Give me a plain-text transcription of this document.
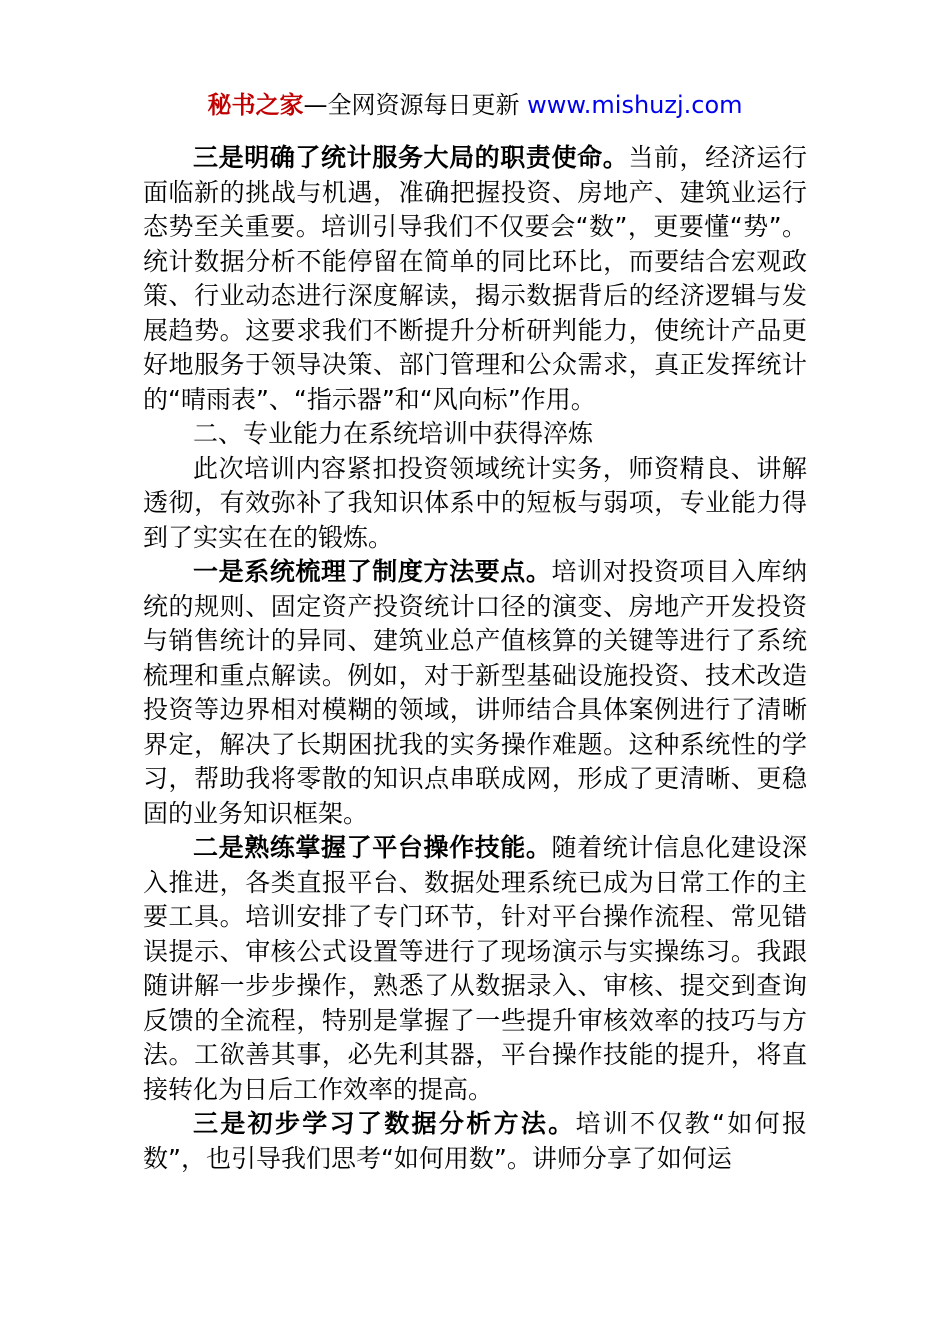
秘书之家—全网资源每日更新 www.mishuzj.com

三是明确了统计服务大局的职责使命。当前，经济运行面临新的挑战与机遇，准确把握投资、房地产、建筑业运行态势至关重要。培训引导我们不仅要会“数”，更要懂“势”。统计数据分析不能停留在简单的同比环比，而要结合宏观政策、行业动态进行深度解读，揭示数据背后的经济逻辑与发展趋势。这要求我们不断提升分析研判能力，使统计产品更好地服务于领导决策、部门管理和公众需求，真正发挥统计的“晴雨表”、“指示器”和“风向标”作用。

二、专业能力在系统培训中获得淬炼

此次培训内容紧扣投资领域统计实务，师资精良、讲解透彻，有效弥补了我知识体系中的短板与弱项，专业能力得到了实实在在的锻炼。

一是系统梳理了制度方法要点。培训对投资项目入库纳统的规则、固定资产投资统计口径的演变、房地产开发投资与销售统计的异同、建筑业总产值核算的关键等进行了系统梳理和重点解读。例如，对于新型基础设施投资、技术改造投资等边界相对模糊的领域，讲师结合具体案例进行了清晰界定，解决了长期困扰我的实务操作难题。这种系统性的学习，帮助我将零散的知识点串联成网，形成了更清晰、更稳固的业务知识框架。

二是熟练掌握了平台操作技能。随着统计信息化建设深入推进，各类直报平台、数据处理系统已成为日常工作的主要工具。培训安排了专门环节，针对平台操作流程、常见错误提示、审核公式设置等进行了现场演示与实操练习。我跟随讲解一步步操作，熟悉了从数据录入、审核、提交到查询反馈的全流程，特别是掌握了一些提升审核效率的技巧与方法。工欲善其事，必先利其器，平台操作技能的提升，将直接转化为日后工作效率的提高。

三是初步学习了数据分析方法。培训不仅教“如何报数”，也引导我们思考“如何用数”。讲师分享了如何运
